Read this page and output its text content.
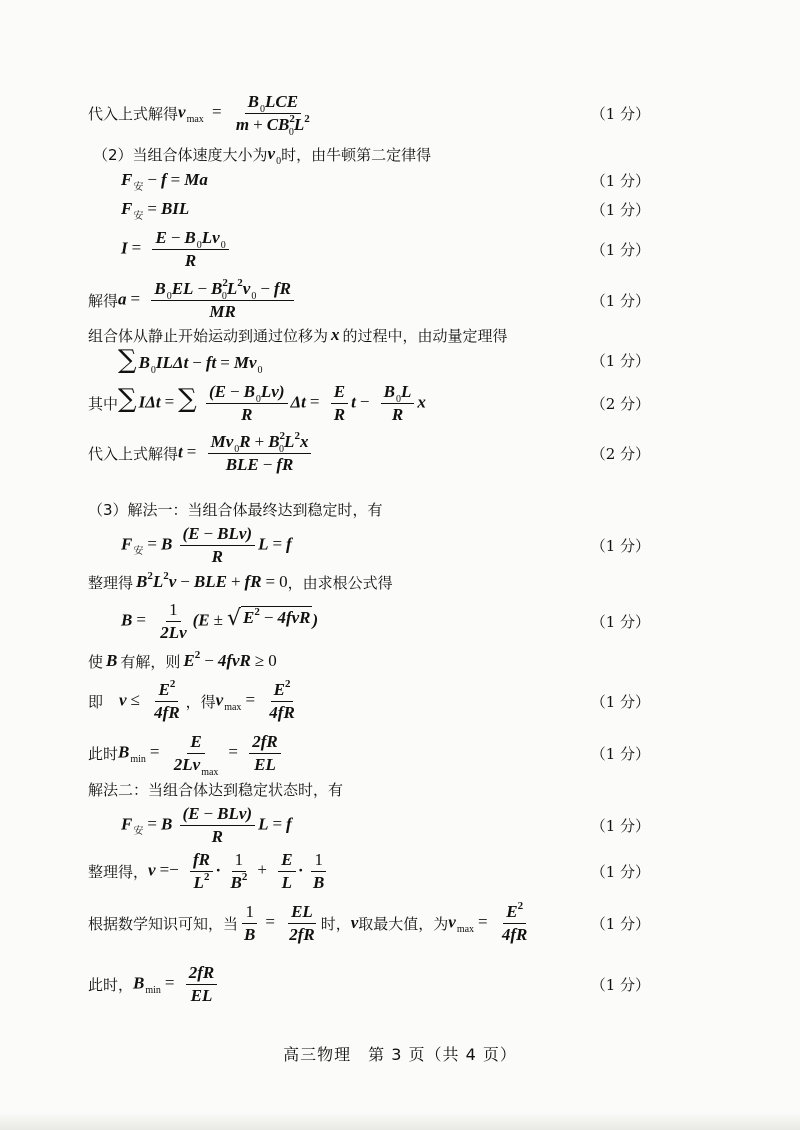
代入上式解得 $v_{max} = \frac{B_0LCE}{m + CB^2_0L^2}$	（1 分）
（2）当组合体速度大小为 $v_0$ 时，由牛顿第二定律得
$F_安 - f = Ma$	（1 分）
$F_安$ = BIL	（1 分）
$I = \frac{E - B_0Lv_0}{R}$	（1 分）
解得 $a = \frac{B_0EL - B^2_0L^2v_0 - fR}{MR}$	（1 分）
组合体从静止开始运动到通过位移为 x 的过程中，由动量定理得
∑ $B_0IL\Delta t$ − ft = $Mv_0$
（1 分）
其中 ∑ IΔt = ∑ $\frac{(E - B_0Lv)}{R}$ $\Delta t = \frac{E}{R}$ $t - \frac{B_0L}{R}$ x	（2 分）
代入上式解得 $t = \frac{Mv_0R + B^2_0L^2x}{\text{BLE − fR}}$	（2 分）
（3）解法一：当组合体最终达到稳定时，有
$F_安 = B \frac{\text{(E − BLv)}}{R}$ L = f	（1 分）
整理得 $B^2L^2v$ − BLE + fR = 0 ，由求根公式得
$B = \frac{1}{2Lv} (E$ ± √ $E^2 - 4fvR$ )	（1 分）
使 B 有解，则 $E^2 - 4fvR \ge 0$
即 $v \le \frac{E^2}{4fR}$ ，得 $v_{max} = \frac{E^2}{4fR}$	（1 分）
此时 $B_{min} = \frac{E}{2Lv_{max}} = \frac{2fR}{EL}$	（1 分）
解法二：当组合体达到稳定状态时，有
$F_安 = B \frac{\text{(E − BLv)}}{R}$ L = f	（1 分）
整理得， $v =- \frac{fR}{L^2} \cdot \frac{1}{B^2} + \frac{E}{L} \cdot \frac{1}{B}$	（1 分）
根据数学知识可知，当 $\frac{1}{B} = \frac{EL}{2fR}$ 时， v 取最大值，为 $v_{max} = \frac{E^2}{4fR}$	（1 分）
此时， $B_{min} = \frac{2fR}{EL}$	（1 分）
高三物理　第 3 页（共 4 页）
